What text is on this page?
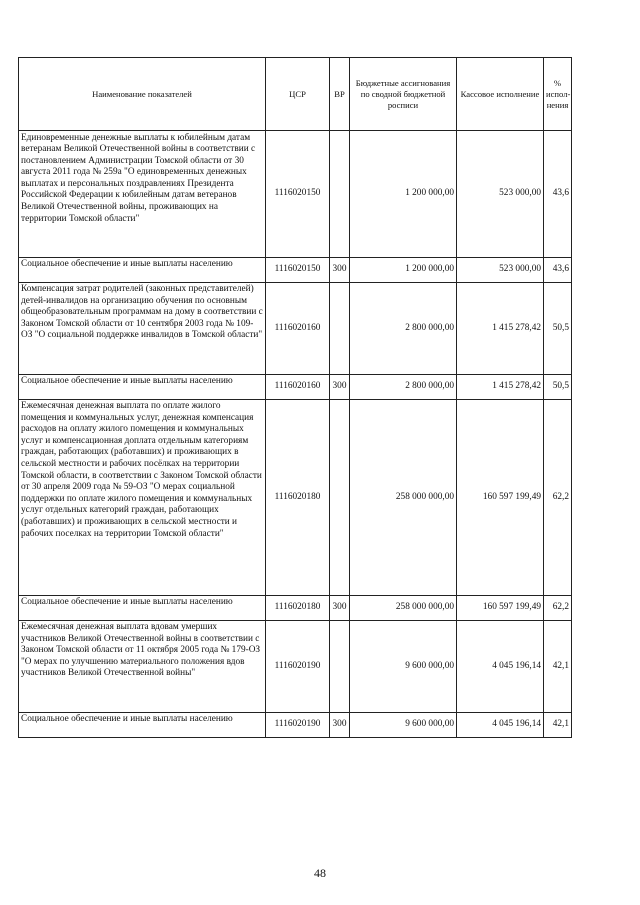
Наименование показателей	ЦСР	ВР	Бюджетные ассигнования по сводной бюджетной росписи	Кассовое исполнение	% испол-нения

Единовременные денежные выплаты к юбилейным датам ветеранам Великой Отечественной войны в соответствии с постановлением Администрации Томской области от 30 августа 2011 года № 259а "О единовременных денежных выплатах и персональных поздравлениях Президента Российской Федерации к юбилейным датам ветеранов Великой Отечественной войны, проживающих на территории Томской области"	1116020150		1 200 000,00	523 000,00	43,6

Социальное обеспечение и иные выплаты населению	1116020150	300	1 200 000,00	523 000,00	43,6

Компенсация затрат родителей (законных представителей) детей-инвалидов на организацию обучения по основным общеобразовательным программам на дому в соответствии с Законом Томской области от 10 сентября 2003 года № 109-ОЗ "О социальной поддержке инвалидов в Томской области"	1116020160		2 800 000,00	1 415 278,42	50,5

Социальное обеспечение и иные выплаты населению	1116020160	300	2 800 000,00	1 415 278,42	50,5

Ежемесячная денежная выплата по оплате жилого помещения и коммунальных услуг, денежная компенсация расходов на оплату жилого помещения и коммунальных услуг и компенсационная доплата отдельным категориям граждан, работающих (работавших) и проживающих в сельской местности и рабочих посёлках на территории Томской области, в соответствии с Законом Томской области от 30 апреля 2009 года № 59-ОЗ "О мерах социальной поддержки по оплате жилого помещения и коммунальных услуг отдельных категорий граждан, работающих (работавших) и проживающих в сельской местности и рабочих поселках на территории Томской области"	1116020180		258 000 000,00	160 597 199,49	62,2

Социальное обеспечение и иные выплаты населению	1116020180	300	258 000 000,00	160 597 199,49	62,2

Ежемесячная денежная выплата вдовам умерших участников Великой Отечественной войны в соответствии с Законом Томской области от 11 октября 2005 года № 179-ОЗ "О мерах по улучшению материального положения вдов участников Великой Отечественной войны"	1116020190		9 600 000,00	4 045 196,14	42,1

Социальное обеспечение и иные выплаты населению	1116020190	300	9 600 000,00	4 045 196,14	42,1
48
